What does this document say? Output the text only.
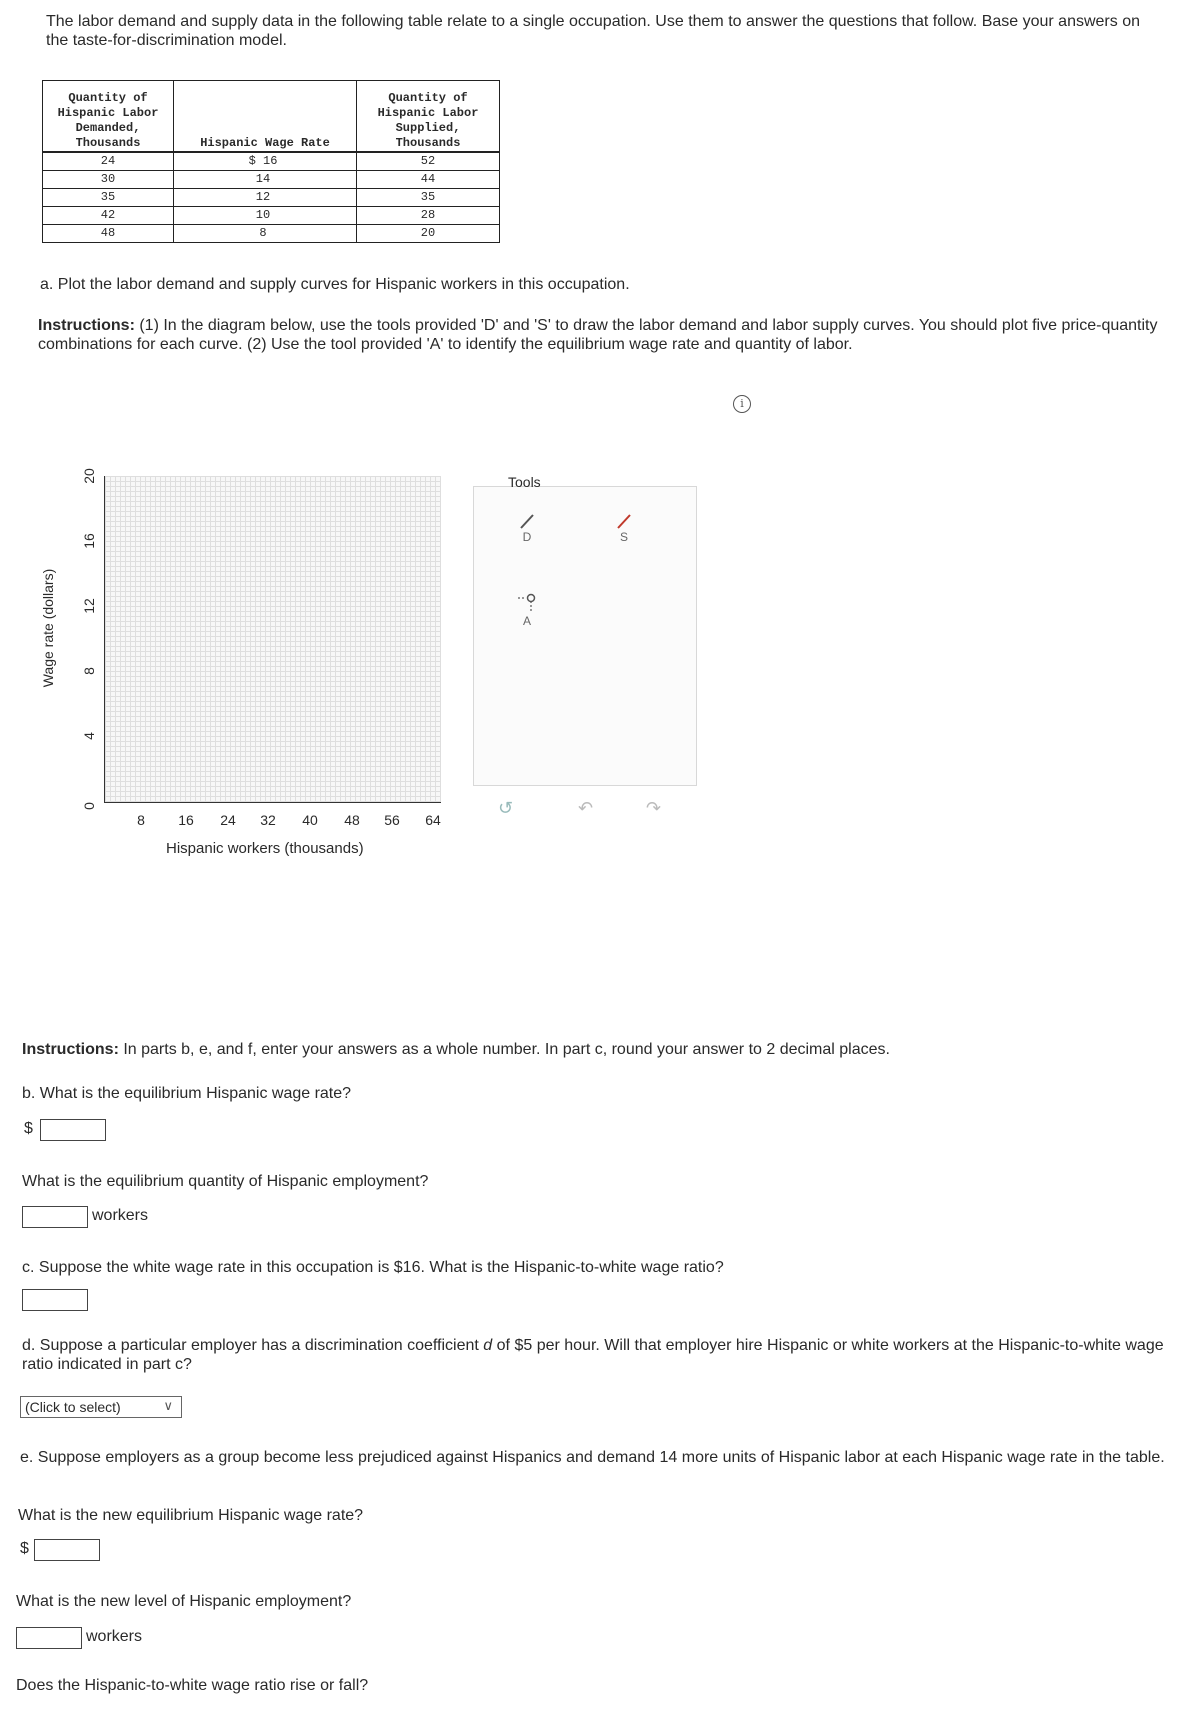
The labor demand and supply data in the following table relate to a single occupation. Use them to answer the questions that follow. Base your answers on the taste-for-discrimination model.
Quantity of Hispanic Labor Demanded, Thousands	Hispanic Wage Rate	Quantity of Hispanic Labor Supplied, Thousands
24	$ 16	52
30	14	44
35	12	35
42	10	28
48	8	20
a. Plot the labor demand and supply curves for Hispanic workers in this occupation.
Instructions: (1) In the diagram below, use the tools provided 'D' and 'S' to draw the labor demand and labor supply curves. You should plot five price-quantity combinations for each curve. (2) Use the tool provided 'A' to identify the equilibrium wage rate and quantity of labor.
i
Wage rate (dollars)
20
16
12
8
4
0
8 16 24 32 40 48 56 64
Hispanic workers (thousands)
Tools
D	S
A
↺	↶	↷
Instructions: In parts b, e, and f, enter your answers as a whole number. In part c, round your answer to 2 decimal places.
b. What is the equilibrium Hispanic wage rate?
$
What is the equilibrium quantity of Hispanic employment?
workers
c. Suppose the white wage rate in this occupation is $16. What is the Hispanic-to-white wage ratio?
d. Suppose a particular employer has a discrimination coefficient d of $5 per hour. Will that employer hire Hispanic or white workers at the Hispanic-to-white wage ratio indicated in part c?
(Click to select)	∨
e. Suppose employers as a group become less prejudiced against Hispanics and demand 14 more units of Hispanic labor at each Hispanic wage rate in the table.
What is the new equilibrium Hispanic wage rate?
$
What is the new level of Hispanic employment?
workers
Does the Hispanic-to-white wage ratio rise or fall?
